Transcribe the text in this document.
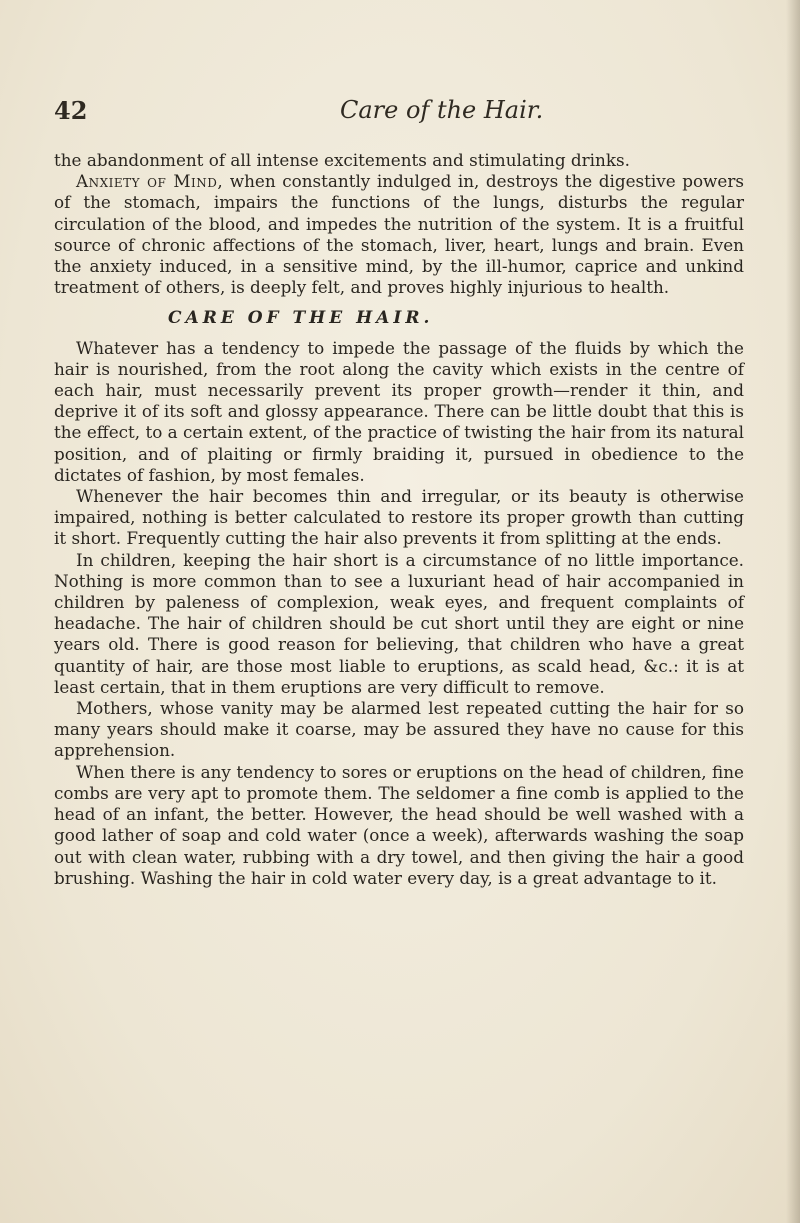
42	Care of the Hair.

the abandonment of all intense excitements and stimulating drinks.

Anxiety of Mind, when constantly indulged in, destroys the digestive powers of the stomach, impairs the functions of the lungs, disturbs the regular circulation of the blood, and impedes the nutrition of the system. It is a fruitful source of chronic affections of the stomach, liver, heart, lungs and brain. Even the anxiety induced, in a sensitive mind, by the ill-humor, caprice and unkind treatment of others, is deeply felt, and proves highly injurious to health.

CARE OF THE HAIR.

Whatever has a tendency to impede the passage of the fluids by which the hair is nourished, from the root along the cavity which exists in the centre of each hair, must necessarily prevent its proper growth—render it thin, and deprive it of its soft and glossy appearance. There can be little doubt that this is the effect, to a certain extent, of the practice of twisting the hair from its natural position, and of plaiting or firmly braiding it, pursued in obedience to the dictates of fashion, by most females.

Whenever the hair becomes thin and irregular, or its beauty is otherwise impaired, nothing is better calculated to restore its proper growth than cutting it short. Frequently cutting the hair also prevents it from splitting at the ends.

In children, keeping the hair short is a circumstance of no little importance. Nothing is more common than to see a luxuriant head of hair accompanied in children by paleness of complexion, weak eyes, and frequent complaints of headache. The hair of children should be cut short until they are eight or nine years old. There is good reason for believing, that children who have a great quantity of hair, are those most liable to eruptions, as scald head, &c.: it is at least certain, that in them eruptions are very difficult to remove.

Mothers, whose vanity may be alarmed lest repeated cutting the hair for so many years should make it coarse, may be assured they have no cause for this apprehension.

When there is any tendency to sores or eruptions on the head of children, fine combs are very apt to promote them. The seldomer a fine comb is applied to the head of an infant, the better. However, the head should be well washed with a good lather of soap and cold water (once a week), afterwards washing the soap out with clean water, rubbing with a dry towel, and then giving the hair a good brushing. Washing the hair in cold water every day, is a great advantage to it.
